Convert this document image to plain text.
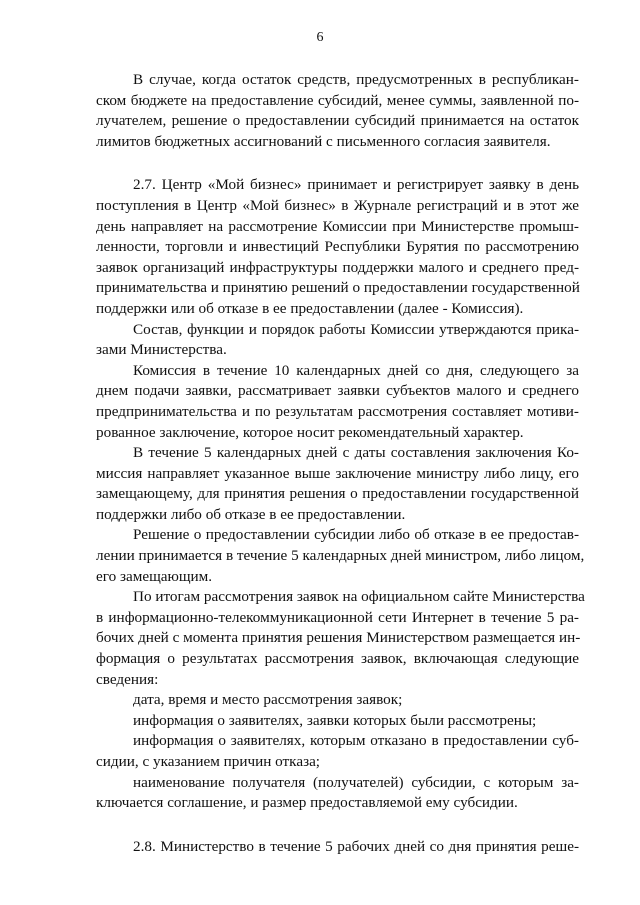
6
В случае, когда остаток средств, предусмотренных в республикан-
ском бюджете на предоставление субсидий, менее суммы, заявленной по-
лучателем, решение о предоставлении субсидий принимается на остаток
лимитов бюджетных ассигнований с письменного согласия заявителя.
2.7. Центр «Мой бизнес» принимает и регистрирует заявку в день
поступления в Центр «Мой бизнес» в Журнале регистраций и в этот же
день направляет на рассмотрение Комиссии при Министерстве промыш-
ленности, торговли и инвестиций Республики Бурятия по рассмотрению
заявок организаций инфраструктуры поддержки малого и среднего пред-
принимательства и принятию решений о предоставлении государственной
поддержки или об отказе в ее предоставлении (далее - Комиссия).
Состав, функции и порядок работы Комиссии утверждаются прика-
зами Министерства.
Комиссия в течение 10 календарных дней со дня, следующего за
днем подачи заявки, рассматривает заявки субъектов малого и среднего
предпринимательства и по результатам рассмотрения составляет мотиви-
рованное заключение, которое носит рекомендательный характер.
В течение 5 календарных дней с даты составления заключения Ко-
миссия направляет указанное выше заключение министру либо лицу, его
замещающему, для принятия решения о предоставлении государственной
поддержки либо об отказе в ее предоставлении.
Решение о предоставлении субсидии либо об отказе в ее предостав-
лении принимается в течение 5 календарных дней министром, либо лицом,
его замещающим.
По итогам рассмотрения заявок на официальном сайте Министерства
в информационно-телекоммуникационной сети Интернет в течение 5 ра-
бочих дней с момента принятия решения Министерством размещается ин-
формация о результатах рассмотрения заявок, включающая следующие
сведения:
дата, время и место рассмотрения заявок;
информация о заявителях, заявки которых были рассмотрены;
информация о заявителях, которым отказано в предоставлении суб-
сидии, с указанием причин отказа;
наименование получателя (получателей) субсидии, с которым за-
ключается соглашение, и размер предоставляемой ему субсидии.
2.8. Министерство в течение 5 рабочих дней со дня принятия реше-
